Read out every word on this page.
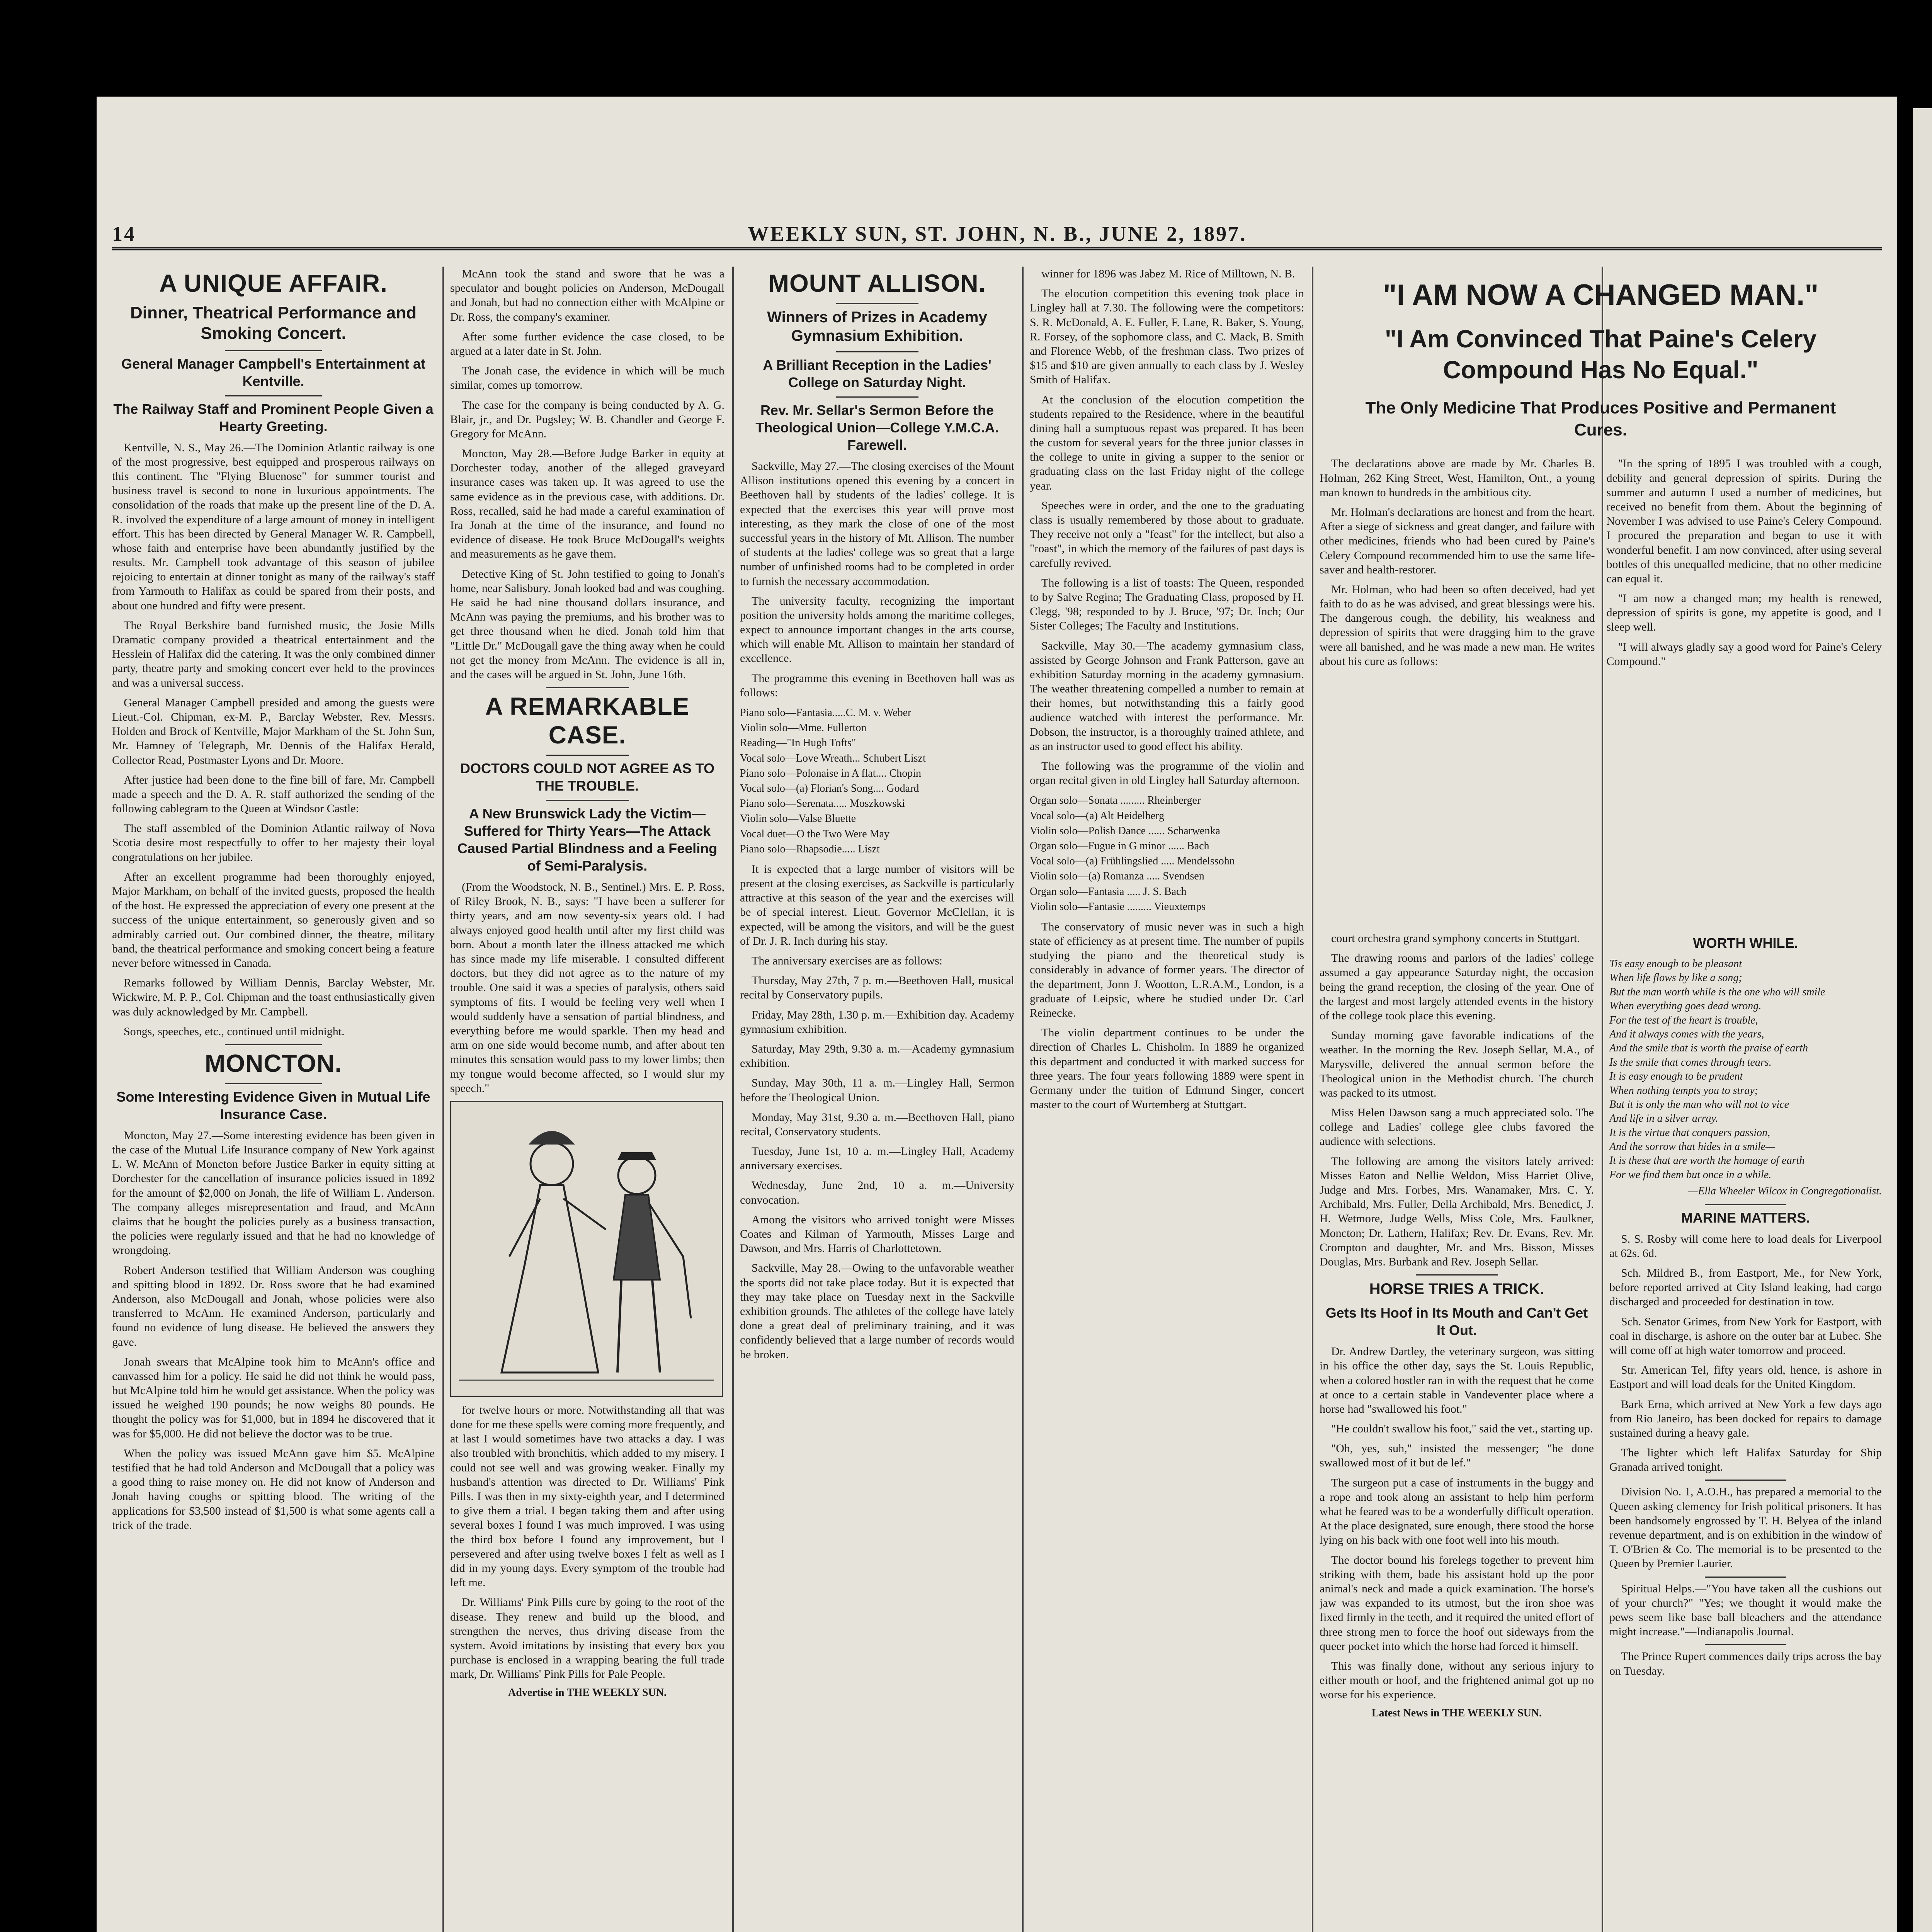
14	WEEKLY SUN, ST. JOHN, N. B., JUNE 2, 1897.
A UNIQUE AFFAIR.
Dinner, Theatrical Performance and Smoking Concert.
General Manager Campbell's Entertainment at Kentville.
The Railway Staff and Prominent People Given a Hearty Greeting.

Kentville, N. S., May 26.—The Dominion Atlantic railway is one of the most progressive, best equipped and prosperous railways on this continent. The "Flying Bluenose" for summer tourist and business travel is second to none in luxurious appointments. The consolidation of the roads that make up the present line of the D. A. R. involved the expenditure of a large amount of money in intelligent effort. This has been directed by General Manager W. R. Campbell, whose faith and enterprise have been abundantly justified by the results. Mr. Campbell took advantage of this season of jubilee rejoicing to entertain at dinner tonight as many of the railway's staff from Yarmouth to Halifax as could be spared from their posts, and about one hundred and fifty were present.

The Royal Berkshire band furnished music, the Josie Mills Dramatic company provided a theatrical entertainment and the Hesslein of Halifax did the catering. It was the only combined dinner party, theatre party and smoking concert ever held to the provinces and was a universal success.

General Manager Campbell presided and among the guests were Lieut.-Col. Chipman, ex-M. P., Barclay Webster, Rev. Messrs. Holden and Brock of Kentville, Major Markham of the St. John Sun, Mr. Hamney of Telegraph, Mr. Dennis of the Halifax Herald, Collector Read, Postmaster Lyons and Dr. Moore.

After justice had been done to the fine bill of fare, Mr. Campbell made a speech and the D. A. R. staff authorized the sending of the following cablegram to the Queen at Windsor Castle:

The staff assembled of the Dominion Atlantic railway of Nova Scotia desire most respectfully to offer to her majesty their loyal congratulations on her jubilee.

After an excellent programme had been thoroughly enjoyed, Major Markham, on behalf of the invited guests, proposed the health of the host. He expressed the appreciation of every one present at the success of the unique entertainment, so generously given and so admirably carried out. Our combined dinner, the theatre, military band, the theatrical performance and smoking concert being a feature never before witnessed in Canada.

Remarks followed by William Dennis, Barclay Webster, Mr. Wickwire, M. P. P., Col. Chipman and the toast enthusiastically given was duly acknowledged by Mr. Campbell.

Songs, speeches, etc., continued until midnight.

MONCTON.
Some Interesting Evidence Given in Mutual Life Insurance Case.

Moncton, May 27.—Some interesting evidence has been given in the case of the Mutual Life Insurance company of New York against L. W. McAnn of Moncton before Justice Barker in equity sitting at Dorchester for the cancellation of insurance policies issued in 1892 for the amount of $2,000 on Jonah, the life of William L. Anderson. The company alleges misrepresentation and fraud, and McAnn claims that he bought the policies purely as a business transaction, the policies were regularly issued and that he had no knowledge of wrongdoing.

Robert Anderson testified that William Anderson was coughing and spitting blood in 1892. Dr. Ross swore that he had examined Anderson, also McDougall and Jonah, whose policies were also transferred to McAnn. He examined Anderson, particularly and found no evidence of lung disease. He believed the answers they gave.

Jonah swears that McAlpine took him to McAnn's office and canvassed him for a policy. He said he did not think he would pass, but McAlpine told him he would get assistance. When the policy was issued he weighed 190 pounds; he now weighs 80 pounds. He thought the policy was for $1,000, but in 1894 he discovered that it was for $5,000. He did not believe the doctor was to be true.

When the policy was issued McAnn gave him $5. McAlpine testified that he had told Anderson and McDougall that a policy was a good thing to raise money on. He did not know of Anderson and Jonah having coughs or spitting blood. The writing of the applications for $3,500 instead of $1,500 is what some agents call a trick of the trade.

McAnn took the stand and swore that he was a speculator and bought policies on Anderson, McDougall and Jonah, but had no connection either with McAlpine or Dr. Ross, the company's examiner.

After some further evidence the case closed, to be argued at a later date in St. John.

The Jonah case, the evidence in which will be much similar, comes up tomorrow.

The case for the company is being conducted by A. G. Blair, jr., and Dr. Pugsley; W. B. Chandler and George F. Gregory for McAnn.

Moncton, May 28.—Before Judge Barker in equity at Dorchester today, another of the alleged graveyard insurance cases was taken up. It was agreed to use the same evidence as in the previous case, with additions. Dr. Ross, recalled, said he had made a careful examination of Ira Jonah at the time of the insurance, and found no evidence of disease. He took Bruce McDougall's weights and measurements as he gave them.

Detective King of St. John testified to going to Jonah's home, near Salisbury. Jonah looked bad and was coughing. He said he had nine thousand dollars insurance, and McAnn was paying the premiums, and his brother was to get three thousand when he died. Jonah told him that "Little Dr." McDougall gave the thing away when he could not get the money from McAnn. The evidence is all in, and the cases will be argued in St. John, June 16th.

A REMARKABLE CASE.
DOCTORS COULD NOT AGREE AS TO THE TROUBLE.
A New Brunswick Lady the Victim—Suffered for Thirty Years—The Attack Caused Partial Blindness and a Feeling of Semi-Paralysis.

(From the Woodstock, N. B., Sentinel.) Mrs. E. P. Ross, of Riley Brook, N. B., says: "I have been a sufferer for thirty years, and am now seventy-six years old. I had always enjoyed good health until after my first child was born. About a month later the illness attacked me which has since made my life miserable. I consulted different doctors, but they did not agree as to the nature of my trouble. One said it was a species of paralysis, others said symptoms of fits. I would be feeling very well when I would suddenly have a sensation of partial blindness, and everything before me would sparkle. Then my head and arm on one side would become numb, and after about ten minutes this sensation would pass to my lower limbs; then my tongue would become affected, so I would slur my speech."

for twelve hours or more. Notwithstanding all that was done for me these spells were coming more frequently, and at last I would sometimes have two attacks a day. I was also troubled with bronchitis, which added to my misery. I could not see well and was growing weaker. Finally my husband's attention was directed to Dr. Williams' Pink Pills. I was then in my sixty-eighth year, and I determined to give them a trial. I began taking them and after using several boxes I found I was much improved. I was using the third box before I found any improvement, but I persevered and after using twelve boxes I felt as well as I did in my young days. Every symptom of the trouble had left me.

Dr. Williams' Pink Pills cure by going to the root of the disease. They renew and build up the blood, and strengthen the nerves, thus driving disease from the system. Avoid imitations by insisting that every box you purchase is enclosed in a wrapping bearing the full trade mark, Dr. Williams' Pink Pills for Pale People.

Advertise in THE WEEKLY SUN.
MOUNT ALLISON.
Winners of Prizes in Academy Gymnasium Exhibition.
A Brilliant Reception in the Ladies' College on Saturday Night.
Rev. Mr. Sellar's Sermon Before the Theological Union—College Y.M.C.A. Farewell.

Sackville, May 27.—The closing exercises of the Mount Allison institutions opened this evening by a concert in Beethoven hall by students of the ladies' college. It is expected that the exercises this year will prove most interesting, as they mark the close of one of the most successful years in the history of Mt. Allison. The number of students at the ladies' college was so great that a large number of unfinished rooms had to be completed in order to furnish the necessary accommodation.

The university faculty, recognizing the important position the university holds among the maritime colleges, expect to announce important changes in the arts course, which will enable Mt. Allison to maintain her standard of excellence.

The programme this evening in Beethoven hall was as follows:

Piano solo—Fantasia.....C. M. v. Weber
Violin solo—Mme. Fullerton
Reading—"In Hugh Tofts"
Vocal solo—Love Wreath... Schubert Liszt
Piano solo—Polonaise in A flat.... Chopin
Vocal solo—(a) Florian's Song.... Godard
Piano solo—Serenata..... Moszkowski
Violin solo—Valse Bluette
Vocal duet—O the Two Were May
Piano solo—Rhapsodie..... Liszt

It is expected that a large number of visitors will be present at the closing exercises, as Sackville is particularly attractive at this season of the year and the exercises will be of special interest. Lieut. Governor McClellan, it is expected, will be among the visitors, and will be the guest of Dr. J. R. Inch during his stay.

The anniversary exercises are as follows:

Thursday, May 27th, 7 p. m.—Beethoven Hall, musical recital by Conservatory pupils.

Friday, May 28th, 1.30 p. m.—Exhibition day. Academy gymnasium exhibition.

Saturday, May 29th, 9.30 a. m.—Academy gymnasium exhibition.

Sunday, May 30th, 11 a. m.—Lingley Hall, Sermon before the Theological Union.

Monday, May 31st, 9.30 a. m.—Beethoven Hall, piano recital, Conservatory students.

Tuesday, June 1st, 10 a. m.—Lingley Hall, Academy anniversary exercises.

Wednesday, June 2nd, 10 a. m.—University convocation.

Among the visitors who arrived tonight were Misses Coates and Kilman of Yarmouth, Misses Large and Dawson, and Mrs. Harris of Charlottetown.

Sackville, May 28.—Owing to the unfavorable weather the sports did not take place today. But it is expected that they may take place on Tuesday next in the Sackville exhibition grounds. The athletes of the college have lately done a great deal of preliminary training, and it was confidently believed that a large number of records would be broken.

winner for 1896 was Jabez M. Rice of Milltown, N. B.

The elocution competition this evening took place in Lingley hall at 7.30. The following were the competitors: S. R. McDonald, A. E. Fuller, F. Lane, R. Baker, S. Young, R. Forsey, of the sophomore class, and C. Mack, B. Smith and Florence Webb, of the freshman class. Two prizes of $15 and $10 are given annually to each class by J. Wesley Smith of Halifax.

At the conclusion of the elocution competition the students repaired to the Residence, where in the beautiful dining hall a sumptuous repast was prepared. It has been the custom for several years for the three junior classes in the college to unite in giving a supper to the senior or graduating class on the last Friday night of the college year.

Speeches were in order, and the one to the graduating class is usually remembered by those about to graduate. They receive not only a "feast" for the intellect, but also a "roast", in which the memory of the failures of past days is carefully revived.

The following is a list of toasts: The Queen, responded to by Salve Regina; The Graduating Class, proposed by H. Clegg, '98; responded to by J. Bruce, '97; Dr. Inch; Our Sister Colleges; The Faculty and Institutions.

Sackville, May 30.—The academy gymnasium class, assisted by George Johnson and Frank Patterson, gave an exhibition Saturday morning in the academy gymnasium. The weather threatening compelled a number to remain at their homes, but notwithstanding this a fairly good audience watched with interest the performance. Mr. Dobson, the instructor, is a thoroughly trained athlete, and as an instructor used to good effect his ability.

The following was the programme of the violin and organ recital given in old Lingley hall Saturday afternoon.

Organ solo—Sonata ......... Rheinberger
Vocal solo—(a) Alt Heidelberg
Violin solo—Polish Dance ...... Scharwenka
Organ solo—Fugue in G minor ...... Bach
Vocal solo—(a) Frühlingslied ..... Mendelssohn
Violin solo—(a) Romanza ..... Svendsen
Organ solo—Fantasia ..... J. S. Bach
Violin solo—Fantasie ......... Vieuxtemps

The conservatory of music never was in such a high state of efficiency as at present time. The number of pupils studying the piano and the theoretical study is considerably in advance of former years. The director of the department, Jonn J. Wootton, L.R.A.M., London, is a graduate of Leipsic, where he studied under Dr. Carl Reinecke.

The violin department continues to be under the direction of Charles L. Chisholm. In 1889 he organized this department and conducted it with marked success for three years. The four years following 1889 were spent in Germany under the tuition of Edmund Singer, concert master to the court of Wurtemberg at Stuttgart.

"I AM NOW A CHANGED MAN."
"I Am Convinced That Paine's Celery Compound Has No Equal."
The Only Medicine That Produces Positive and Permanent Cures.

The declarations above are made by Mr. Charles B. Holman, 262 King Street, West, Hamilton, Ont., a young man known to hundreds in the ambitious city.

Mr. Holman's declarations are honest and from the heart. After a siege of sickness and great danger, and failure with other medicines, friends who had been cured by Paine's Celery Compound recommended him to use the same life-saver and health-restorer.

Mr. Holman, who had been so often deceived, had yet faith to do as he was advised, and great blessings were his. The dangerous cough, the debility, his weakness and depression of spirits that were dragging him to the grave were all banished, and he was made a new man. He writes about his cure as follows:

"In the spring of 1895 I was troubled with a cough, debility and general depression of spirits. During the summer and autumn I used a number of medicines, but received no benefit from them. About the beginning of November I was advised to use Paine's Celery Compound. I procured the preparation and began to use it with wonderful benefit. I am now convinced, after using several bottles of this unequalled medicine, that no other medicine can equal it.

"I am now a changed man; my health is renewed, depression of spirits is gone, my appetite is good, and I sleep well.

"I will always gladly say a good word for Paine's Celery Compound."

court orchestra grand symphony concerts in Stuttgart.

The drawing rooms and parlors of the ladies' college assumed a gay appearance Saturday night, the occasion being the grand reception, the closing of the year. One of the largest and most largely attended events in the history of the college took place this evening.

Sunday morning gave favorable indications of the weather. In the morning the Rev. Joseph Sellar, M.A., of Marysville, delivered the annual sermon before the Theological union in the Methodist church. The church was packed to its utmost.

Miss Helen Dawson sang a much appreciated solo. The college and Ladies' college glee clubs favored the audience with selections.

The following are among the visitors lately arrived: Misses Eaton and Nellie Weldon, Miss Harriet Olive, Judge and Mrs. Forbes, Mrs. Wanamaker, Mrs. C. Y. Archibald, Mrs. Fuller, Della Archibald, Mrs. Benedict, J. H. Wetmore, Judge Wells, Miss Cole, Mrs. Faulkner, Moncton; Dr. Lathern, Halifax; Rev. Dr. Evans, Rev. Mr. Crompton and daughter, Mr. and Mrs. Bisson, Misses Douglas, Mrs. Burbank and Rev. Joseph Sellar.

HORSE TRIES A TRICK.
Gets Its Hoof in Its Mouth and Can't Get It Out.

Dr. Andrew Dartley, the veterinary surgeon, was sitting in his office the other day, says the St. Louis Republic, when a colored hostler ran in with the request that he come at once to a certain stable in Vandeventer place where a horse had "swallowed his foot."

"He couldn't swallow his foot," said the vet., starting up.

"Oh, yes, suh," insisted the messenger; "he done swallowed most of it but de lef."

The surgeon put a case of instruments in the buggy and a rope and took along an assistant to help him perform what he feared was to be a wonderfully difficult operation. At the place designated, sure enough, there stood the horse lying on his back with one foot well into his mouth.

The doctor bound his forelegs together to prevent him striking with them, bade his assistant hold up the poor animal's neck and made a quick examination. The horse's jaw was expanded to its utmost, but the iron shoe was fixed firmly in the teeth, and it required the united effort of three strong men to force the hoof out sideways from the queer pocket into which the horse had forced it himself.

This was finally done, without any serious injury to either mouth or hoof, and the frightened animal got up no worse for his experience.

Latest News in THE WEEKLY SUN.
WORTH WHILE.
Tis easy enough to be pleasant
When life flows by like a song;
But the man worth while is the one who will smile
When everything goes dead wrong.
For the test of the heart is trouble,
And it always comes with the years,
And the smile that is worth the praise of earth
Is the smile that comes through tears.
It is easy enough to be prudent
When nothing tempts you to stray;
But it is only the man who will not to vice
And life in a silver array.
It is the virtue that conquers passion,
And the sorrow that hides in a smile—
It is these that are worth the homage of earth
For we find them but once in a while.
—Ella Wheeler Wilcox in Congregationalist.
MARINE MATTERS.

S. S. Rosby will come here to load deals for Liverpool at 62s. 6d.

Sch. Mildred B., from Eastport, Me., for New York, before reported arrived at City Island leaking, had cargo discharged and proceeded for destination in tow.

Sch. Senator Grimes, from New York for Eastport, with coal in discharge, is ashore on the outer bar at Lubec. She will come off at high water tomorrow and proceed.

Str. American Tel, fifty years old, hence, is ashore in Eastport and will load deals for the United Kingdom.

Bark Erna, which arrived at New York a few days ago from Rio Janeiro, has been docked for repairs to damage sustained during a heavy gale.

The lighter which left Halifax Saturday for Ship Granada arrived tonight.

Division No. 1, A.O.H., has prepared a memorial to the Queen asking clemency for Irish political prisoners. It has been handsomely engrossed by T. H. Belyea of the inland revenue department, and is on exhibition in the window of T. O'Brien & Co. The memorial is to be presented to the Queen by Premier Laurier.

Spiritual Helps.—"You have taken all the cushions out of your church?" "Yes; we thought it would make the pews seem like base ball bleachers and the attendance might increase."—Indianapolis Journal.

The Prince Rupert commences daily trips across the bay on Tuesday.
